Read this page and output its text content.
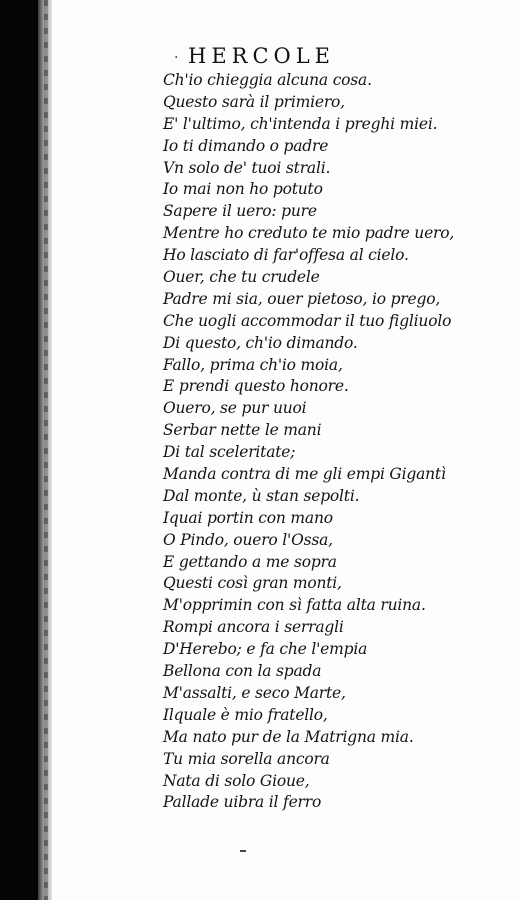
· HERCOLE
Ch'io chieggia alcuna cosa.
Questo sarà il primiero,
E' l'ultimo, ch'intenda i preghi miei.
Io ti dimando o padre
Vn solo de' tuoi strali.
Io mai non ho potuto
Sapere il uero: pure
Mentre ho creduto te mio padre uero,
Ho lasciato di far'offesa al cielo.
Ouer, che tu crudele
Padre mi sia, ouer pietoso, io prego,
Che uogli accommodar il tuo figliuolo
Di questo, ch'io dimando.
Fallo, prima ch'io moia,
E prendi questo honore.
Ouero, se pur uuoi
Serbar nette le mani
Di tal sceleritate;
Manda contra di me gli empi Gigantì
Dal monte, ù stan sepolti.
Iquai portin con mano
O Pindo, ouero l'Ossa,
E gettando a me sopra
Questi così gran monti,
M'opprimin con sì fatta alta ruina.
Rompi ancora i serragli
D'Herebo; e fa che l'empia
Bellona con la spada
M'assalti, e seco Marte,
Ilquale è mio fratello,
Ma nato pur de la Matrigna mia.
Tu mia sorella ancora
Nata di solo Gioue,
Pallade uibra il ferro
